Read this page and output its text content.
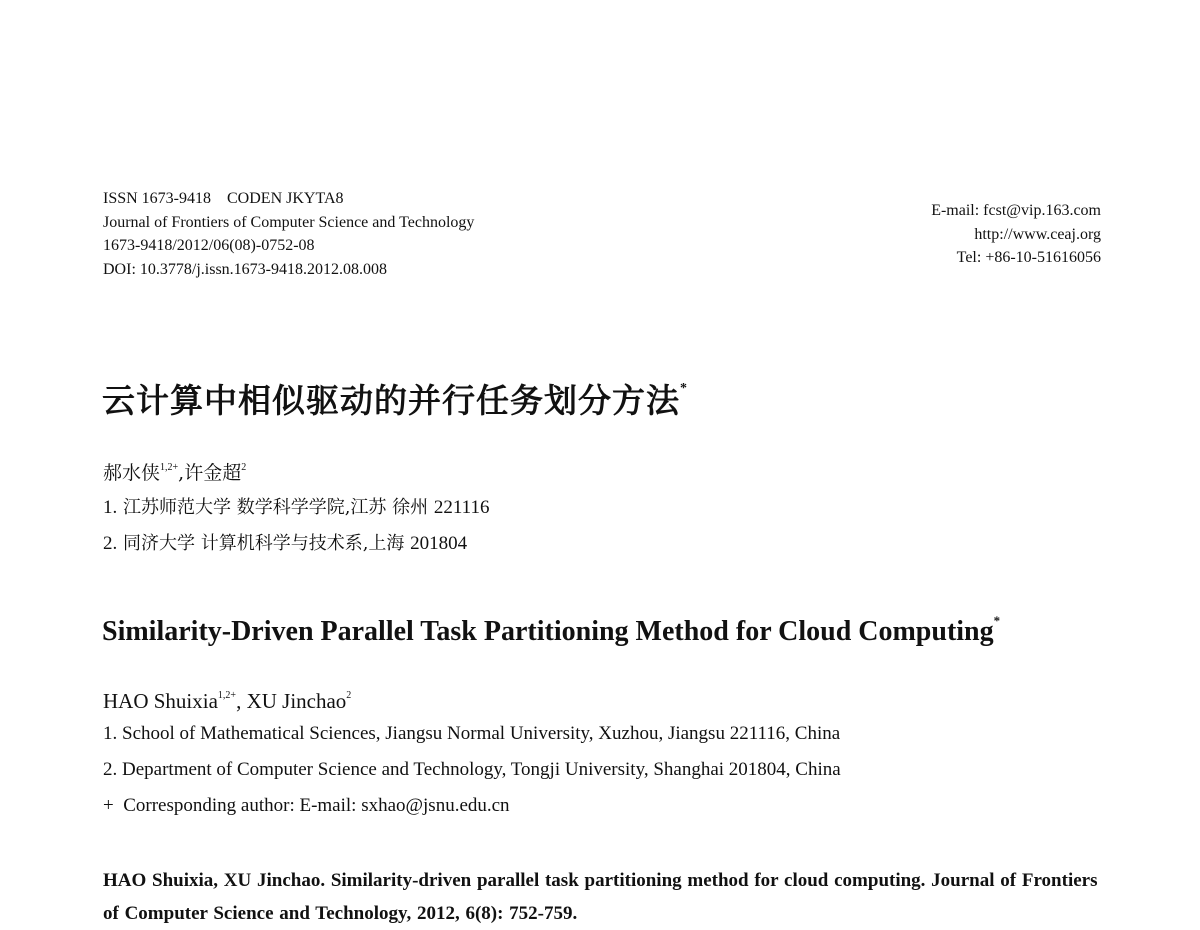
ISSN 1673-9418    CODEN JKYTA8
Journal of Frontiers of Computer Science and Technology
1673-9418/2012/06(08)-0752-08
DOI: 10.3778/j.issn.1673-9418.2012.08.008
E-mail: fcst@vip.163.com
http://www.ceaj.org
Tel: +86-10-51616056
云计算中相似驱动的并行任务划分方法*
郝水侠$^{1,2+}$,许金超$^2$
1. 江苏师范大学 数学科学学院,江苏 徐州 221116
2. 同济大学 计算机科学与技术系,上海 201804
Similarity-Driven Parallel Task Partitioning Method for Cloud Computing*
HAO Shuixia$^{1,2+}$, XU Jinchao$^2$
1. School of Mathematical Sciences, Jiangsu Normal University, Xuzhou, Jiangsu 221116, China
2. Department of Computer Science and Technology, Tongji University, Shanghai 201804, China
+  Corresponding author: E-mail: sxhao@jsnu.edu.cn
HAO Shuixia, XU Jinchao. Similarity-driven parallel task partitioning method for cloud computing. Journal of Frontiers of Computer Science and Technology, 2012, 6(8): 752-759.
